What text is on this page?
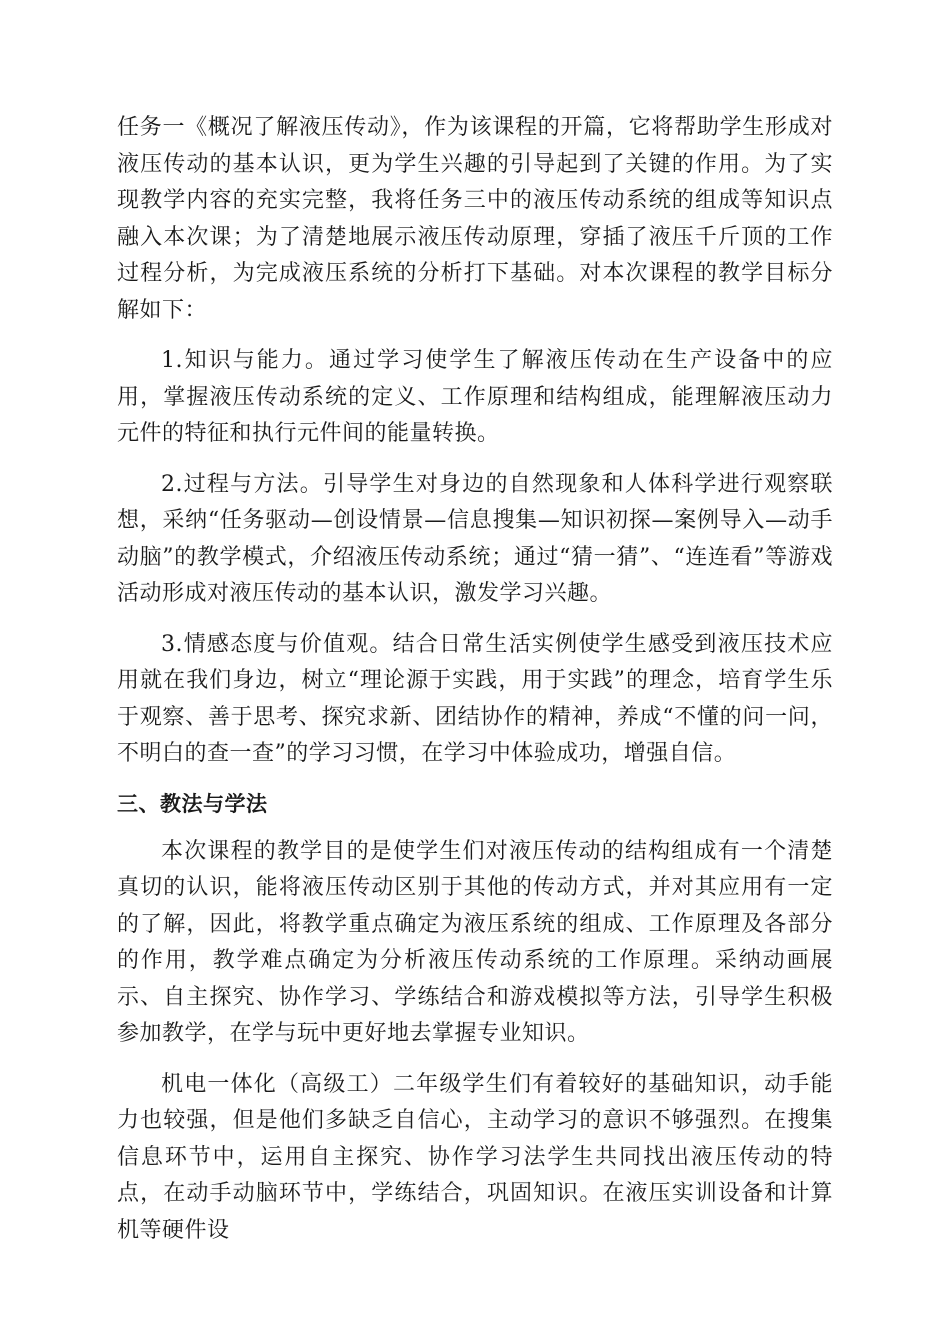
任务一《概况了解液压传动》，作为该课程的开篇，它将帮助学生形成对液压传动的基本认识，更为学生兴趣的引导起到了关键的作用。为了实现教学内容的充实完整，我将任务三中的液压传动系统的组成等知识点融入本次课；为了清楚地展示液压传动原理，穿插了液压千斤顶的工作过程分析，为完成液压系统的分析打下基础。对本次课程的教学目标分解如下：

1.知识与能力。通过学习使学生了解液压传动在生产设备中的应用，掌握液压传动系统的定义、工作原理和结构组成，能理解液压动力元件的特征和执行元件间的能量转换。

2.过程与方法。引导学生对身边的自然现象和人体科学进行观察联想，采纳“任务驱动—创设情景—信息搜集—知识初探—案例导入—动手动脑”的教学模式，介绍液压传动系统；通过“猜一猜”、“连连看”等游戏活动形成对液压传动的基本认识，激发学习兴趣。

3.情感态度与价值观。结合日常生活实例使学生感受到液压技术应用就在我们身边，树立“理论源于实践，用于实践”的理念，培育学生乐于观察、善于思考、探究求新、团结协作的精神，养成“不懂的问一问，不明白的查一查”的学习习惯，在学习中体验成功，增强自信。

三、教法与学法

本次课程的教学目的是使学生们对液压传动的结构组成有一个清楚真切的认识，能将液压传动区别于其他的传动方式，并对其应用有一定的了解，因此，将教学重点确定为液压系统的组成、工作原理及各部分的作用，教学难点确定为分析液压传动系统的工作原理。采纳动画展示、自主探究、协作学习、学练结合和游戏模拟等方法，引导学生积极参加教学，在学与玩中更好地去掌握专业知识。

机电一体化（高级工）二年级学生们有着较好的基础知识，动手能力也较强，但是他们多缺乏自信心，主动学习的意识不够强烈。在搜集信息环节中，运用自主探究、协作学习法学生共同找出液压传动的特点，在动手动脑环节中，学练结合，巩固知识。在液压实训设备和计算机等硬件设
